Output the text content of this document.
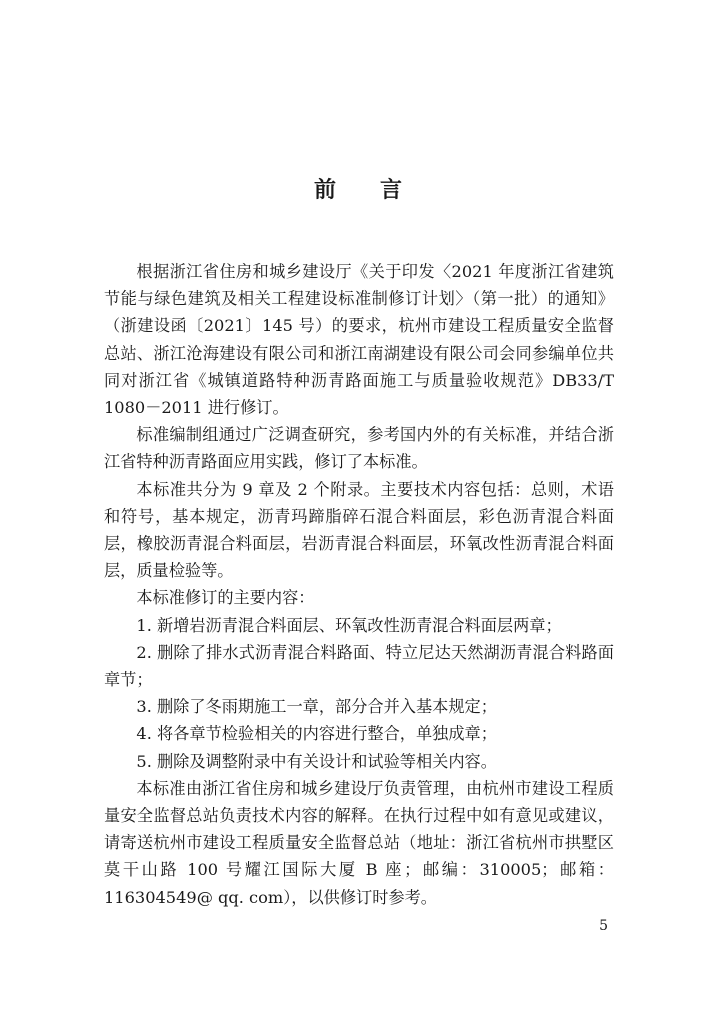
前言

根据浙江省住房和城乡建设厅《关于印发〈2021 年度浙江省建筑节能与绿色建筑及相关工程建设标准制修订计划〉（第一批）的通知》（浙建设函〔2021〕145 号）的要求，杭州市建设工程质量安全监督总站、浙江沧海建设有限公司和浙江南湖建设有限公司会同参编单位共同对浙江省《城镇道路特种沥青路面施工与质量验收规范》DB33/T 1080－2011 进行修订。

标准编制组通过广泛调查研究，参考国内外的有关标准，并结合浙江省特种沥青路面应用实践，修订了本标准。

本标准共分为 9 章及 2 个附录。主要技术内容包括：总则，术语和符号，基本规定，沥青玛蹄脂碎石混合料面层，彩色沥青混合料面层，橡胶沥青混合料面层，岩沥青混合料面层，环氧改性沥青混合料面层，质量检验等。

本标准修订的主要内容：

1. 新增岩沥青混合料面层、环氧改性沥青混合料面层两章；

2. 删除了排水式沥青混合料路面、特立尼达天然湖沥青混合料路面章节；

3. 删除了冬雨期施工一章，部分合并入基本规定；

4. 将各章节检验相关的内容进行整合，单独成章；

5. 删除及调整附录中有关设计和试验等相关内容。

本标准由浙江省住房和城乡建设厅负责管理，由杭州市建设工程质量安全监督总站负责技术内容的解释。在执行过程中如有意见或建议，请寄送杭州市建设工程质量安全监督总站（地址：浙江省杭州市拱墅区莫干山路 100 号耀江国际大厦 B 座；邮编：310005；邮箱：116304549@ qq. com），以供修订时参考。

5
